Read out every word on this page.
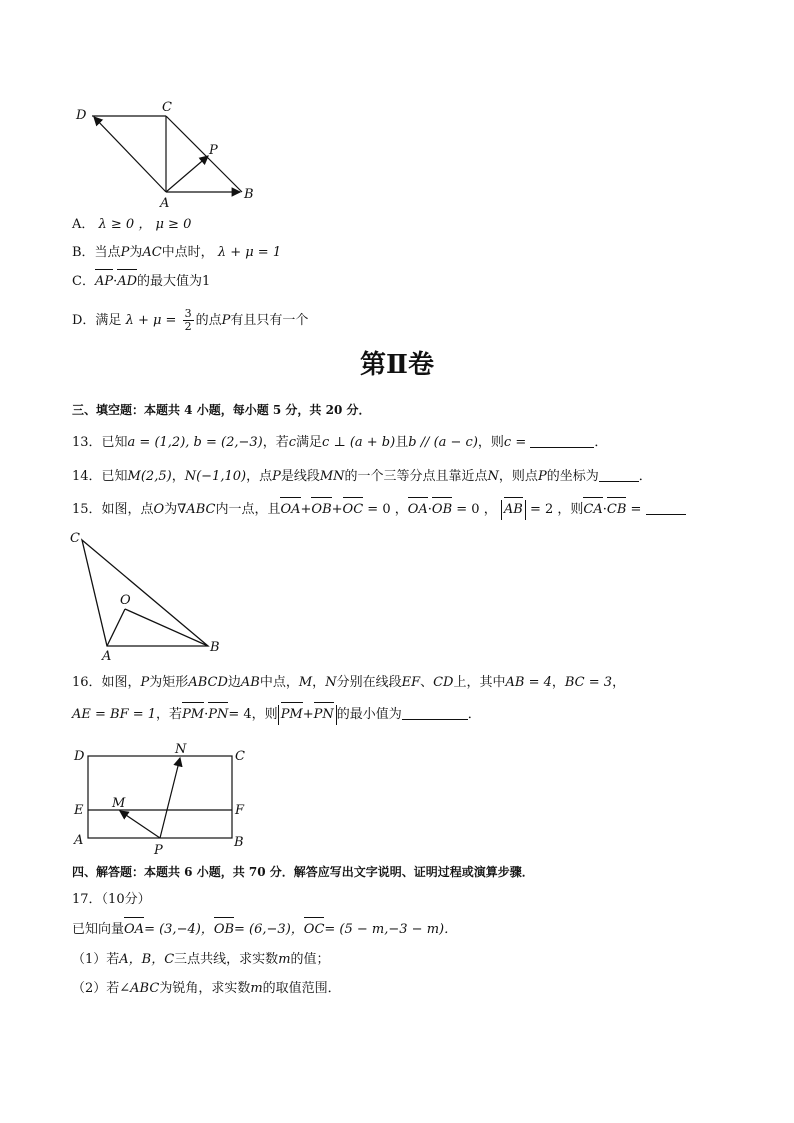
D
C
P
A
B
A． λ ≥ 0 ， μ ≥ 0
B．当点P为AC中点时， λ + μ = 1
C．AP·AD的最大值为1
D．满足 $\lambda + \mu = \frac{3}{2}$ 的点P有且只有一个
第Ⅱ卷
三、填空题：本题共 4 小题，每小题 5 分，共 20 分．
13．已知a = (1,2), b = (2,−3)，若c满足c ⊥ (a + b)且b // (a − c)，则c =	．
14．已知M(2,5)，N(−1,10)，点P是线段MN的一个三等分点且靠近点N，则点P的坐标为	．
15．如图，点O为∇ABC内一点，且OA+OB+OC = 0 ，OA·OB = 0 ， AB = 2 ，则CA·CB =
C
O
A
B
16．如图，P为矩形ABCD边AB中点，M，N分别在线段EF、CD上，其中AB = 4，BC = 3，
AE = BF = 1，若PM·PN= 4，则 PM+PN 的最小值为	．
D	N	C
E M	F
A
P
B
四、解答题：本题共 6 小题，共 70 分．解答应写出文字说明、证明过程或演算步骤．
17．（10分）
已知向量OA= (3,−4)，OB= (6,−3)，OC= (5 − m,−3 − m)．
（1）若A，B，C三点共线，求实数m的值；
（2）若∠ABC为锐角，求实数m的取值范围．
